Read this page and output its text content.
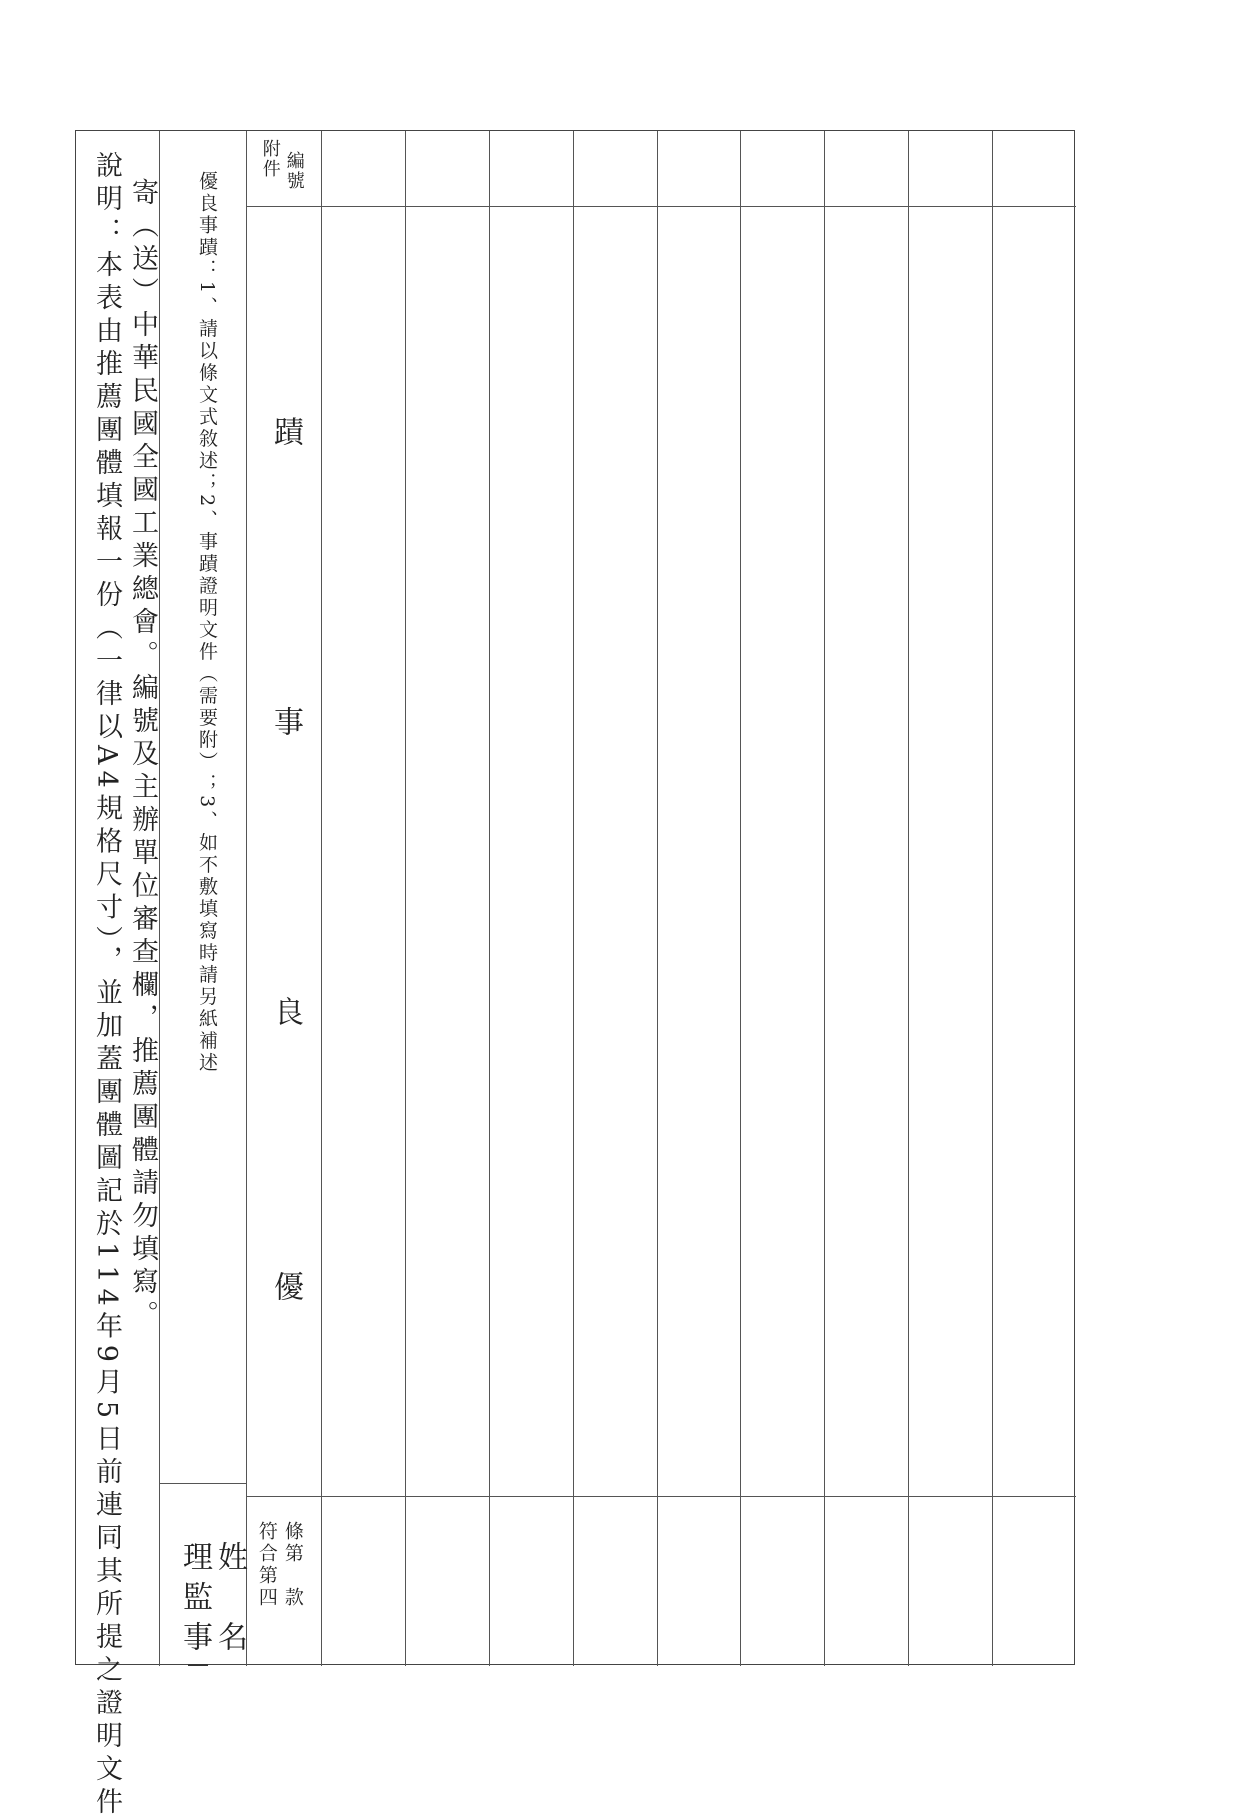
說明：本表由推薦團體填報一份（一律以A4規格尺寸），並加蓋團體圖記於114年9月5日前連同其所提之證明文件 寄（送）中華民國全國工業總會。編號及主辦單位審查欄，推薦團體請勿填寫。 優良事蹟：1、請以條文式敘述；2、事蹟證明文件（需要附）；3、如不敷填寫時請另紙補述
理監事 姓　名
附件 編號
符合第四 條第　款
優
良
事
蹟
